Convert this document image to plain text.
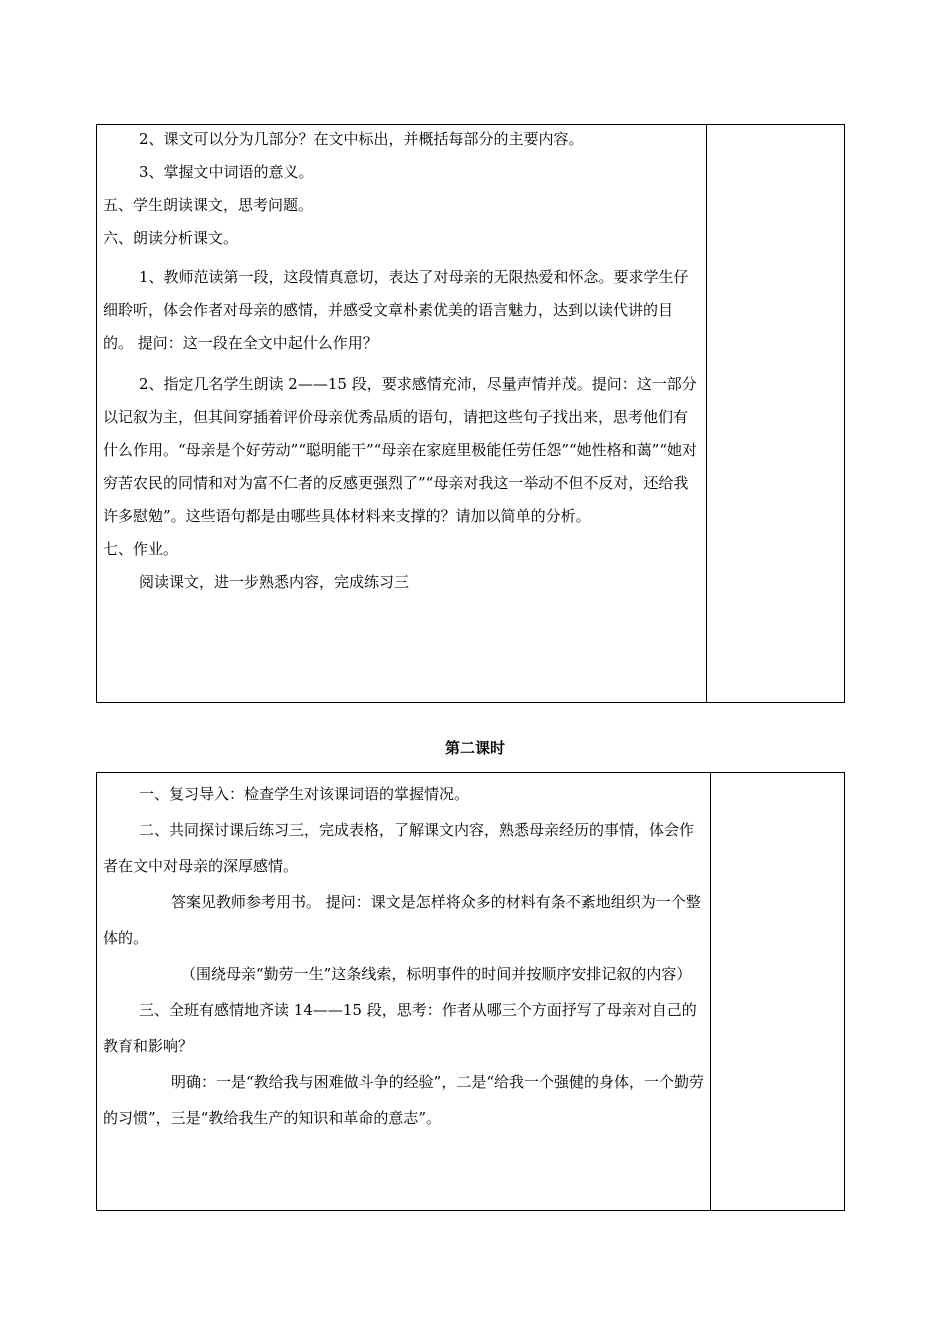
2、课文可以分为几部分？在文中标出，并概括每部分的主要内容。

3、掌握文中词语的意义。

五、学生朗读课文，思考问题。

六、朗读分析课文。

1、教师范读第一段，这段情真意切，表达了对母亲的无限热爱和怀念。要求学生仔细聆听，体会作者对母亲的感情，并感受文章朴素优美的语言魅力，达到以读代讲的目的。 提问：这一段在全文中起什么作用？

2、指定几名学生朗读 2——15 段，要求感情充沛，尽量声情并茂。提问：这一部分以记叙为主，但其间穿插着评价母亲优秀品质的语句，请把这些句子找出来，思考他们有什么作用。“母亲是个好劳动”“聪明能干”“母亲在家庭里极能任劳任怨”“她性格和蔼”“她对穷苦农民的同情和对为富不仁者的反感更强烈了”“母亲对我这一举动不但不反对，还给我许多慰勉”。这些语句都是由哪些具体材料来支撑的？请加以简单的分析。

七、作业。

阅读课文，进一步熟悉内容，完成练习三

第二课时

一、复习导入：检查学生对该课词语的掌握情况。

二、共同探讨课后练习三，完成表格，了解课文内容，熟悉母亲经历的事情，体会作者在文中对母亲的深厚感情。

答案见教师参考用书。 提问：课文是怎样将众多的材料有条不紊地组织为一个整体的。

（围绕母亲“勤劳一生”这条线索，标明事件的时间并按顺序安排记叙的内容）

三、全班有感情地齐读 14——15 段，思考：作者从哪三个方面抒写了母亲对自己的教育和影响？

明确：一是“教给我与困难做斗争的经验”，二是“给我一个强健的身体，一个勤劳的习惯”，三是“教给我生产的知识和革命的意志”。
